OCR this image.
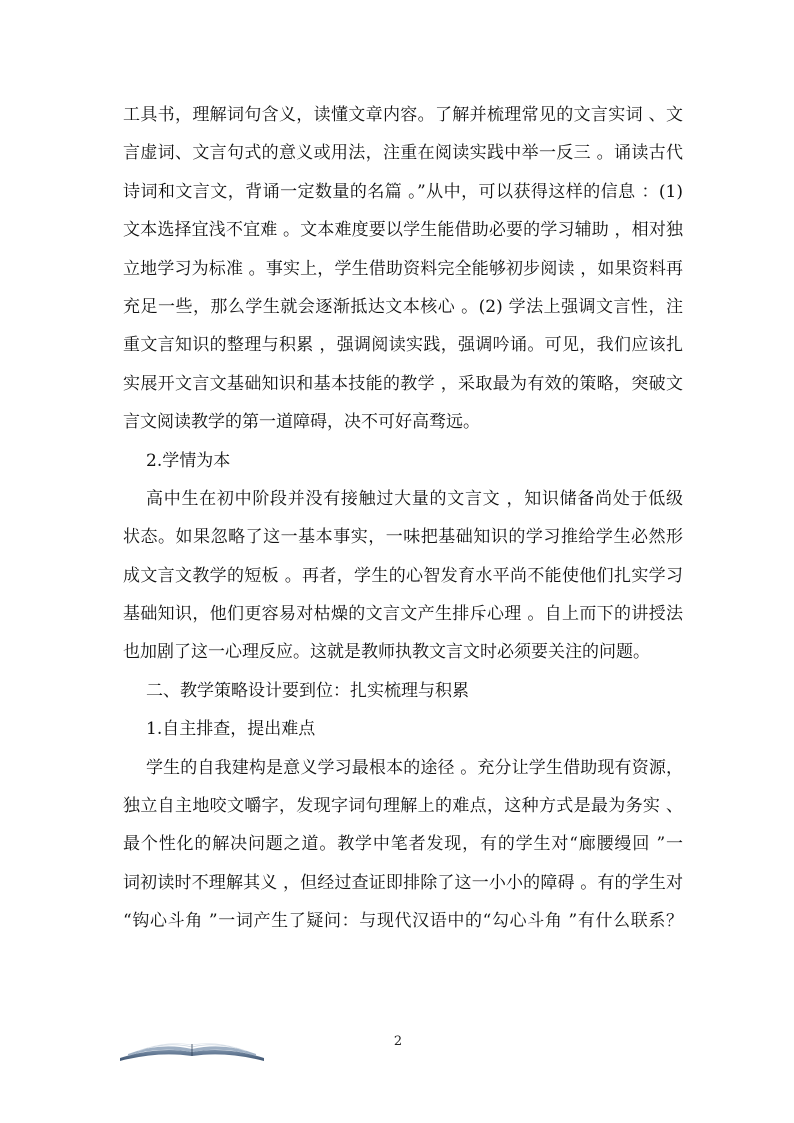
工具书，理解词句含义，读懂文章内容。了解并梳理常见的文言实词 、文
言虚词、文言句式的意义或用法，注重在阅读实践中举一反三 。诵读古代
诗词和文言文，背诵一定数量的名篇 。”从中，可以获得这样的信息 ：(1)
文本选择宜浅不宜难 。文本难度要以学生能借助必要的学习辅助 ，相对独
立地学习为标准 。事实上，学生借助资料完全能够初步阅读 ，如果资料再
充足一些，那么学生就会逐渐抵达文本核心 。(2) 学法上强调文言性，注
重文言知识的整理与积累 ，强调阅读实践，强调吟诵。可见，我们应该扎
实展开文言文基础知识和基本技能的教学 ，采取最为有效的策略，突破文
言文阅读教学的第一道障碍，决不可好高骛远。
2.学情为本
高中生在初中阶段并没有接触过大量的文言文 ，知识储备尚处于低级
状态。如果忽略了这一基本事实，一味把基础知识的学习推给学生必然形
成文言文教学的短板 。再者，学生的心智发育水平尚不能使他们扎实学习
基础知识，他们更容易对枯燥的文言文产生排斥心理 。自上而下的讲授法
也加剧了这一心理反应。这就是教师执教文言文时必须要关注的问题。
二、教学策略设计要到位：扎实梳理与积累
1.自主排查，提出难点
学生的自我建构是意义学习最根本的途径 。充分让学生借助现有资源，
独立自主地咬文嚼字，发现字词句理解上的难点，这种方式是最为务实 、
最个性化的解决问题之道。教学中笔者发现，有的学生对“廊腰缦回 ”一
词初读时不理解其义 ，但经过查证即排除了这一小小的障碍 。有的学生对
“钩心斗角 ”一词产生了疑问：与现代汉语中的“勾心斗角 ”有什么联系？
2
